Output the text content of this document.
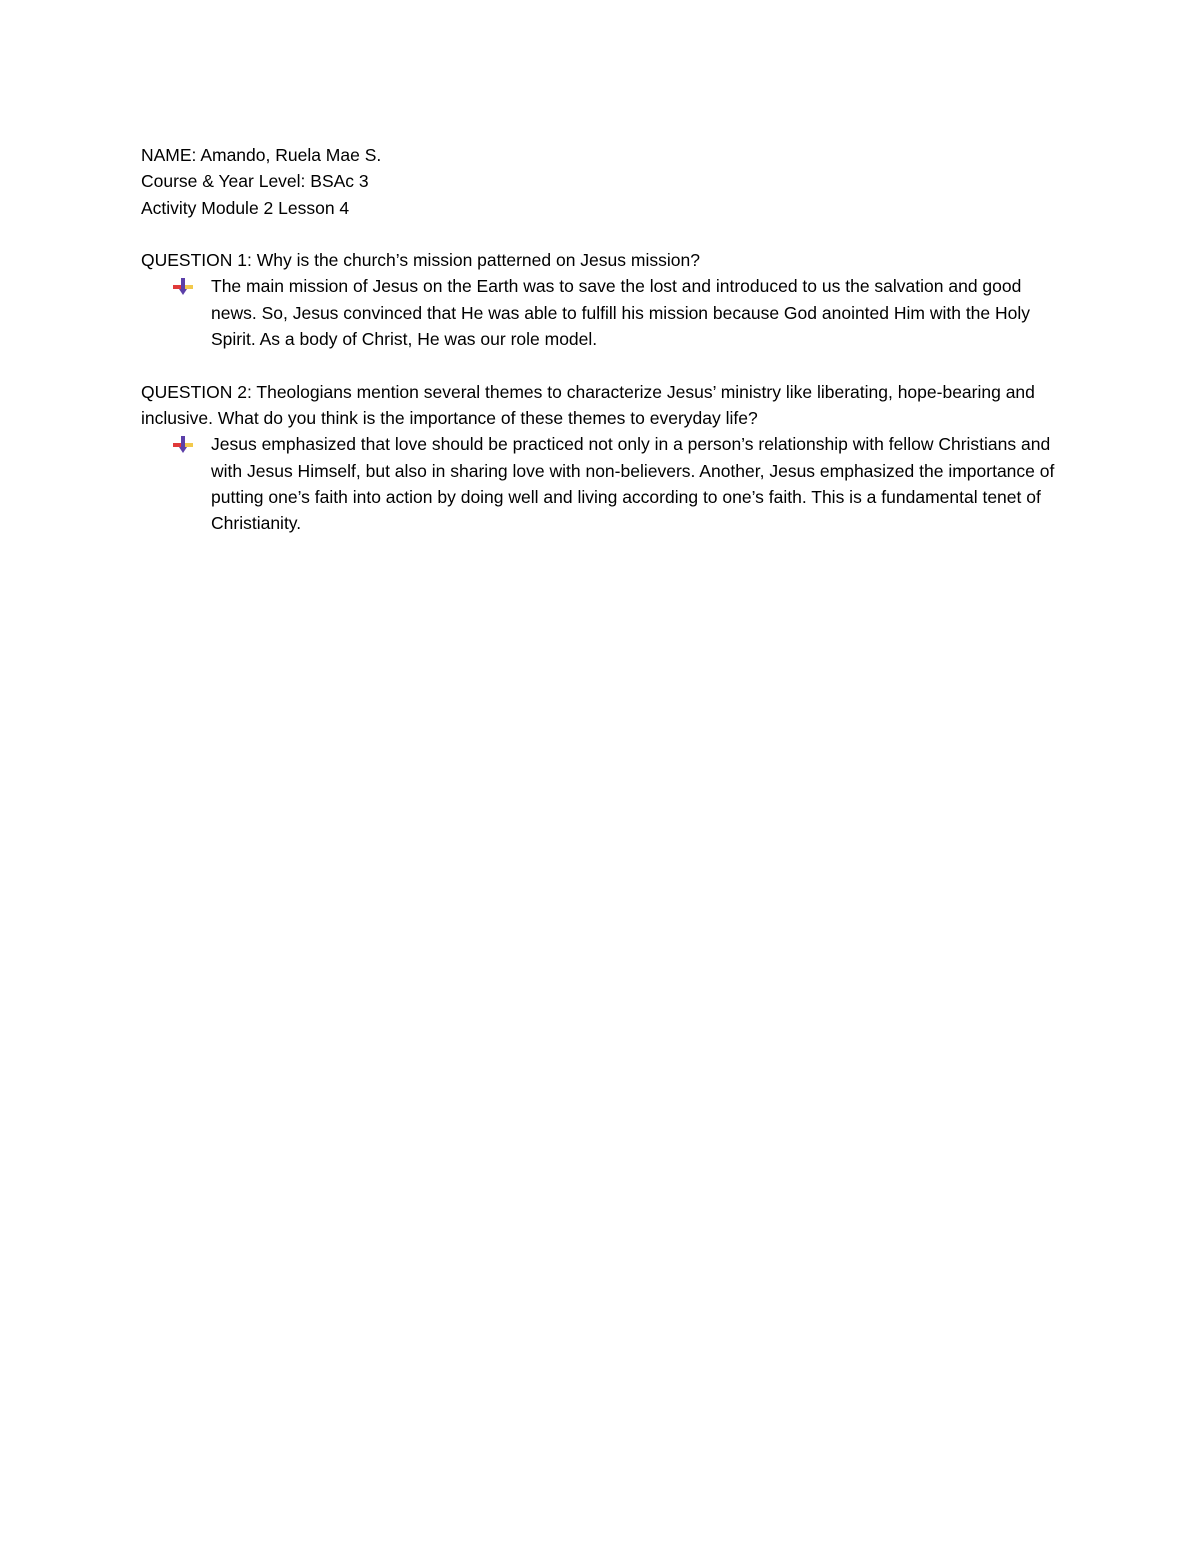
NAME: Amando, Ruela Mae S.

Course & Year Level: BSAc 3

Activity Module 2 Lesson 4

QUESTION 1: Why is the church’s mission patterned on Jesus mission?

The main mission of Jesus on the Earth was to save the lost and introduced to us the salvation and good news. So, Jesus convinced that He was able to fulfill his mission because God anointed Him with the Holy Spirit. As a body of Christ, He was our role model.

QUESTION 2: Theologians mention several themes to characterize Jesus’ ministry like liberating, hope-bearing and inclusive. What do you think is the importance of these themes to everyday life?

Jesus emphasized that love should be practiced not only in a person’s relationship with fellow Christians and with Jesus Himself, but also in sharing love with non-believers. Another, Jesus emphasized the importance of putting one’s faith into action by doing well and living according to one’s faith. This is a fundamental tenet of Christianity.
